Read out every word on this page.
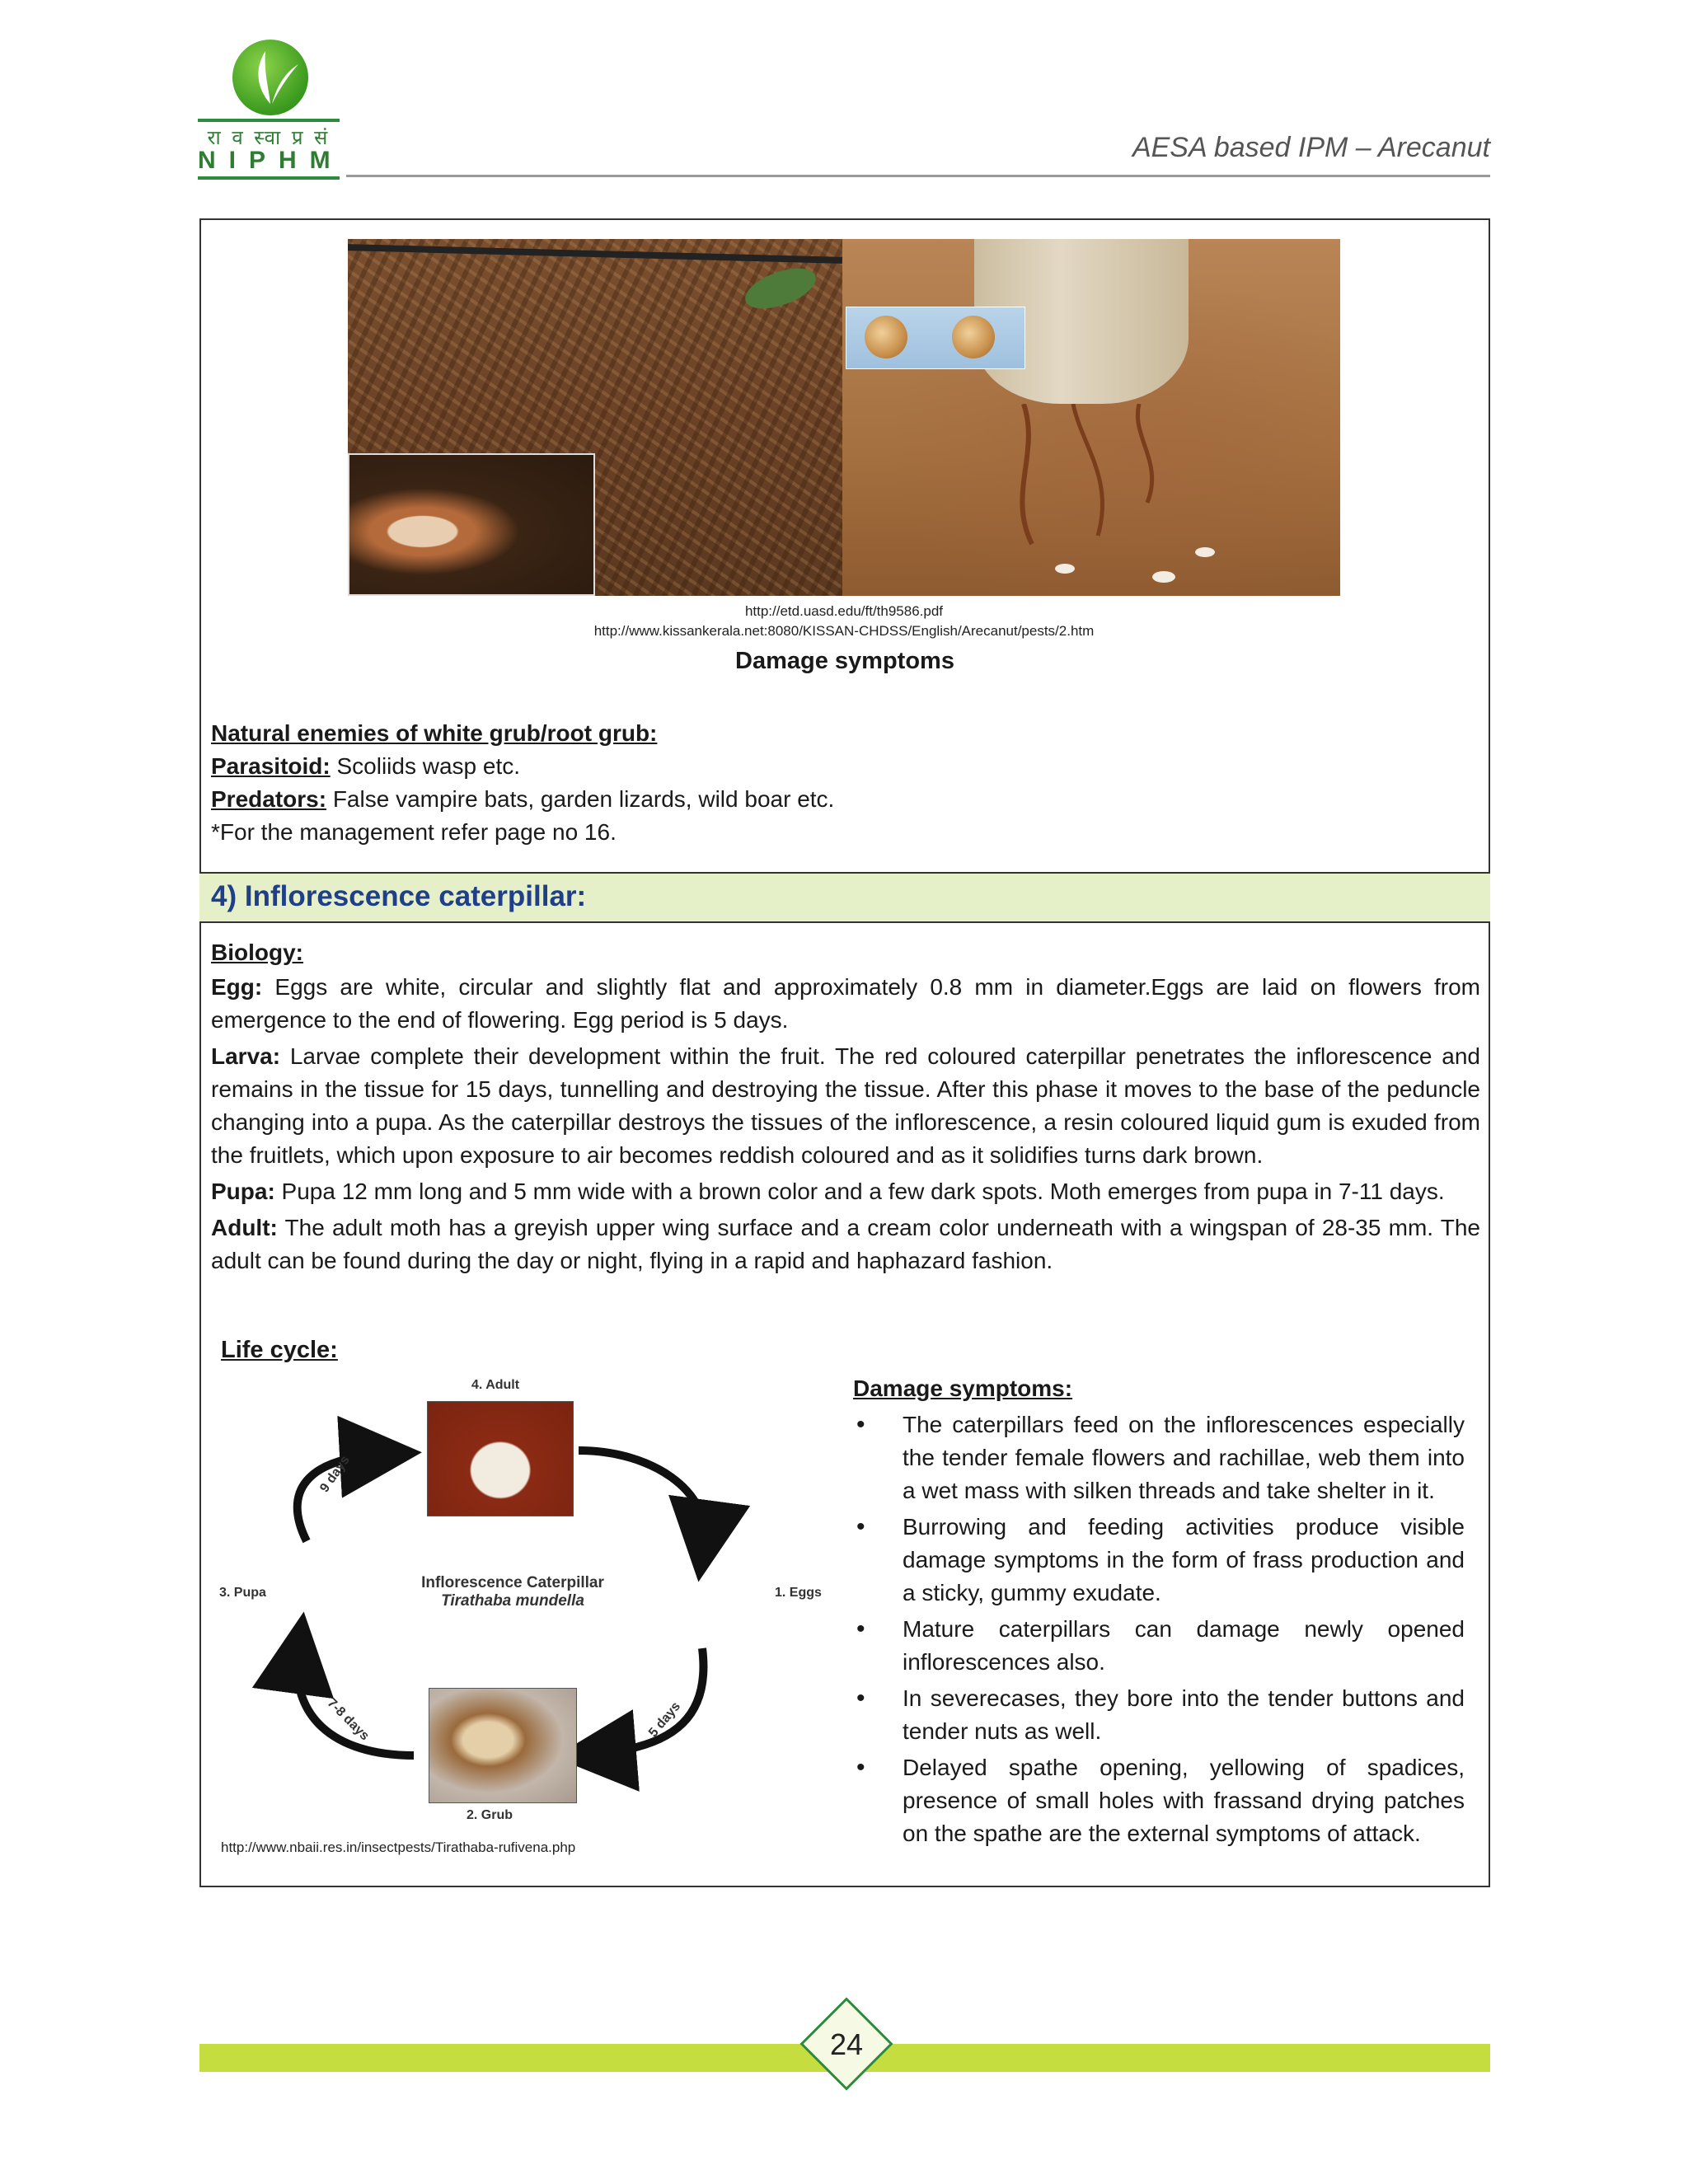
रा व स्वा प्र सं
NIPHM	AESA based IPM – Arecanut
http://etd.uasd.edu/ft/th9586.pdf
http://www.kissankerala.net:8080/KISSAN-CHDSS/English/Arecanut/pests/2.htm
Damage symptoms
Natural enemies of white grub/root grub:
Parasitoid: Scoliids wasp etc.
Predators: False vampire bats, garden lizards, wild boar etc.
*For the management refer page no 16.
4) Inflorescence caterpillar:
Biology:
Egg: Eggs are white, circular and slightly flat and approximately 0.8 mm in diameter.Eggs are laid on flowers from emergence to the end of flowering. Egg period is 5 days.
Larva: Larvae complete their development within the fruit. The red coloured caterpillar penetrates the inflorescence and remains in the tissue for 15 days, tunnelling and destroying the tissue. After this phase it moves to the base of the peduncle changing into a pupa. As the caterpillar destroys the tissues of the inflorescence, a resin coloured liquid gum is exuded from the fruitlets, which upon exposure to air becomes reddish coloured and as it solidifies turns dark brown.
Pupa: Pupa 12 mm long and 5 mm wide with a brown color and a few dark spots. Moth emerges from pupa in 7-11 days.
Adult: The adult moth has a greyish upper wing surface and a cream color underneath with a wingspan of 28-35 mm. The adult can be found during the day or night, flying in a rapid and haphazard fashion.
Life cycle:
4. Adult
3. Pupa	1. Eggs
Inflorescence Caterpillar
Tirathaba mundella
2. Grub
9 days
5 days
7-8 days
http://www.nbaii.res.in/insectpests/Tirathaba-rufivena.php
Damage symptoms:
• The caterpillars feed on the inflorescences especially the tender female flowers and rachillae, web them into a wet mass with silken threads and take shelter in it.
• Burrowing and feeding activities produce visible damage symptoms in the form of frass production and a sticky, gummy exudate.
• Mature caterpillars can damage newly opened inflorescences also.
• In severecases, they bore into the tender buttons and tender nuts as well.
• Delayed spathe opening, yellowing of spadices, presence of small holes with frassand drying patches on the spathe are the external symptoms of attack.
24
